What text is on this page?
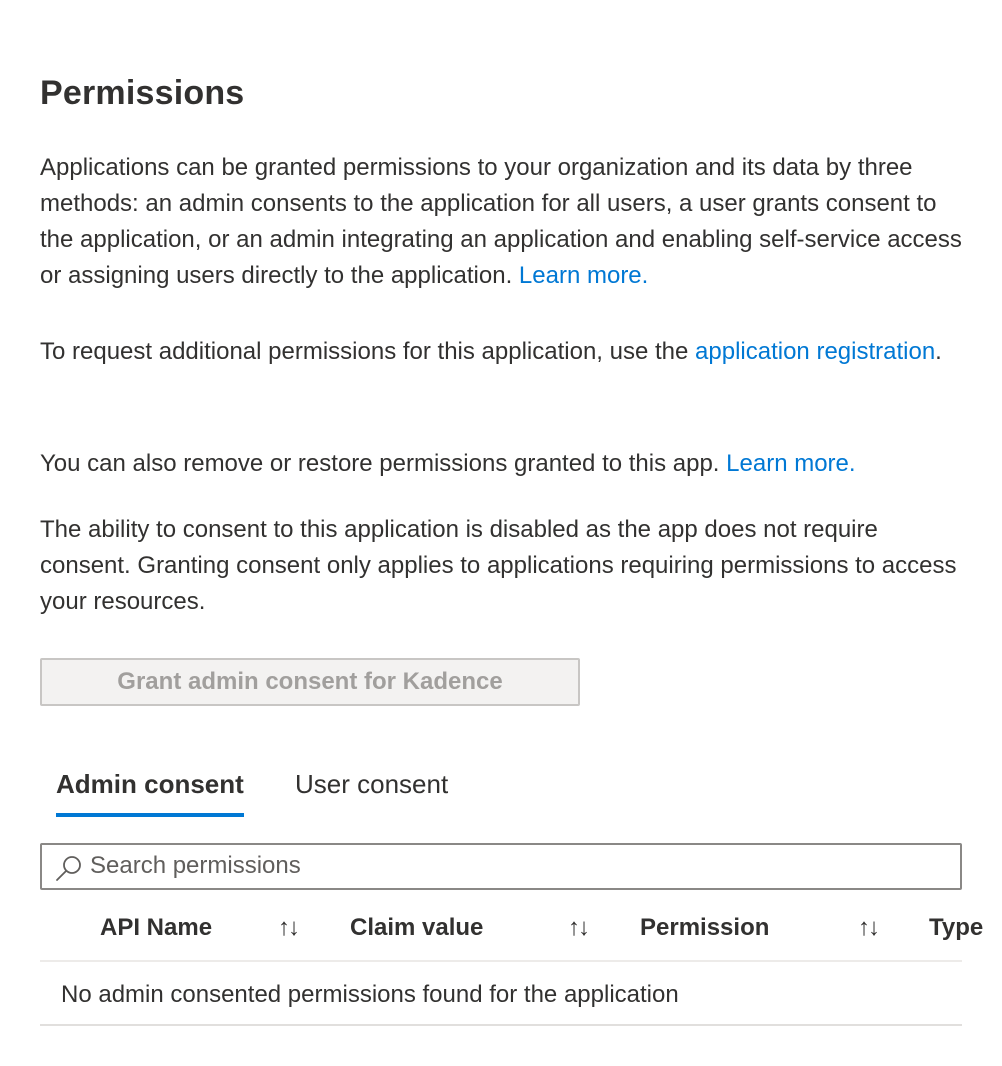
Permissions

Applications can be granted permissions to your organization and its data by three methods: an admin consents to the application for all users, a user grants consent to the application, or an admin integrating an application and enabling self-service access or assigning users directly to the application. Learn more.

To request additional permissions for this application, use the application registration.

You can also remove or restore permissions granted to this app. Learn more.

The ability to consent to this application is disabled as the app does not require consent. Granting consent only applies to applications requiring permissions to access your resources.

Grant admin consent for Kadence
Admin consent User consent
Search permissions
API Name	↑↓ Claim value	↑↓ Permission	↑↓ Type
No admin consented permissions found for the application
